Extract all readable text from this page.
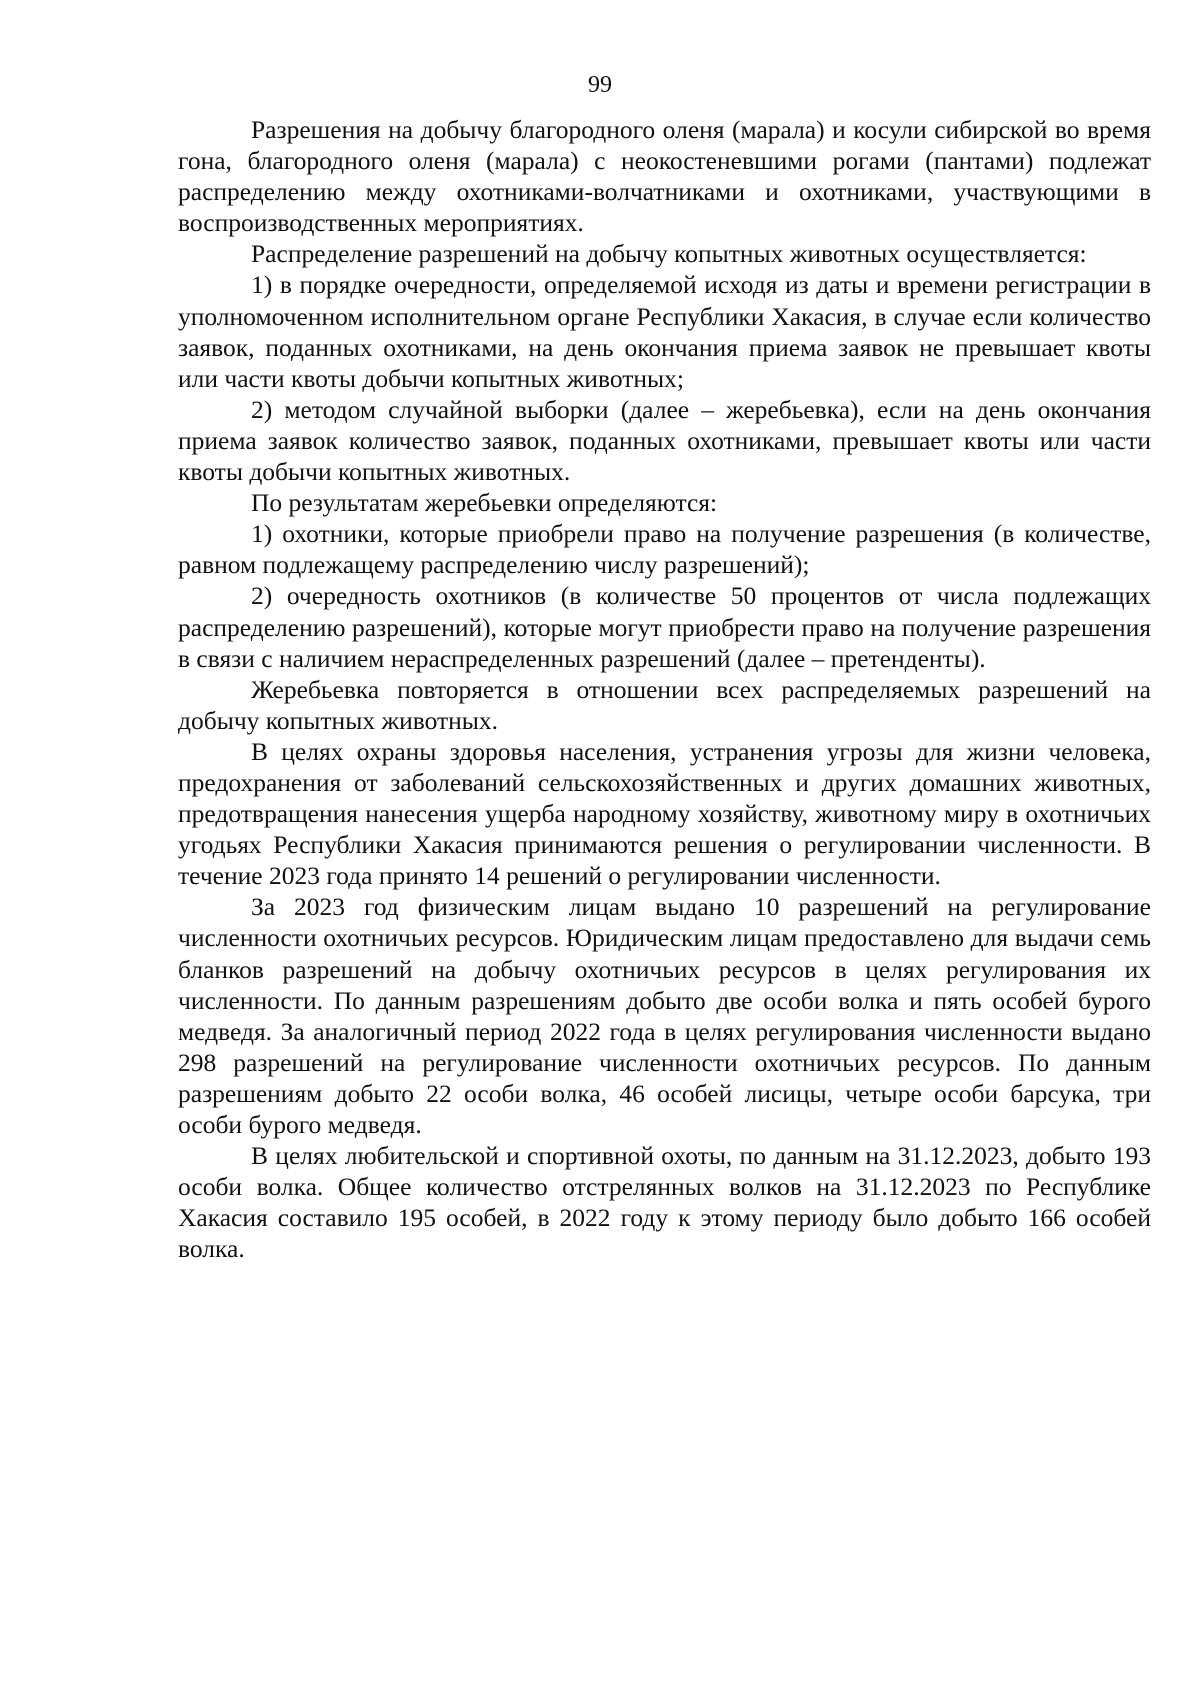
99

Разрешения на добычу благородного оленя (марала) и косули сибирской во время гона, благородного оленя (марала) с неокостеневшими рогами (пантами) подлежат распределению между охотниками-волчатниками и охотниками, участвующими в воспроизводственных мероприятиях.

Распределение разрешений на добычу копытных животных осуществляется:

1) в порядке очередности, определяемой исходя из даты и времени регистрации в уполномоченном исполнительном органе Республики Хакасия, в случае если количество заявок, поданных охотниками, на день окончания приема заявок не превышает квоты или части квоты добычи копытных животных;

2) методом случайной выборки (далее – жеребьевка), если на день окончания приема заявок количество заявок, поданных охотниками, превышает квоты или части квоты добычи копытных животных.

По результатам жеребьевки определяются:

1) охотники, которые приобрели право на получение разрешения (в количестве, равном подлежащему распределению числу разрешений);

2) очередность охотников (в количестве 50 процентов от числа подлежащих распределению разрешений), которые могут приобрести право на получение разрешения в связи с наличием нераспределенных разрешений (далее – претенденты).

Жеребьевка повторяется в отношении всех распределяемых разрешений на добычу копытных животных.

В целях охраны здоровья населения, устранения угрозы для жизни человека, предохранения от заболеваний сельскохозяйственных и других домашних животных, предотвращения нанесения ущерба народному хозяйству, животному миру в охотничьих угодьях Республики Хакасия принимаются решения о регулировании численности. В течение 2023 года принято 14 решений о регулировании численности.

За 2023 год физическим лицам выдано 10 разрешений на регулирование численности охотничьих ресурсов. Юридическим лицам предоставлено для выдачи семь бланков разрешений на добычу охотничьих ресурсов в целях регулирования их численности. По данным разрешениям добыто две особи волка и пять особей бурого медведя. За аналогичный период 2022 года в целях регулирования численности выдано 298 разрешений на регулирование численности охотничьих ресурсов. По данным разрешениям добыто 22 особи волка, 46 особей лисицы, четыре особи барсука, три особи бурого медведя.

В целях любительской и спортивной охоты, по данным на 31.12.2023, добыто 193 особи волка. Общее количество отстрелянных волков на 31.12.2023 по Республике Хакасия составило 195 особей, в 2022 году к этому периоду было добыто 166 особей волка.
